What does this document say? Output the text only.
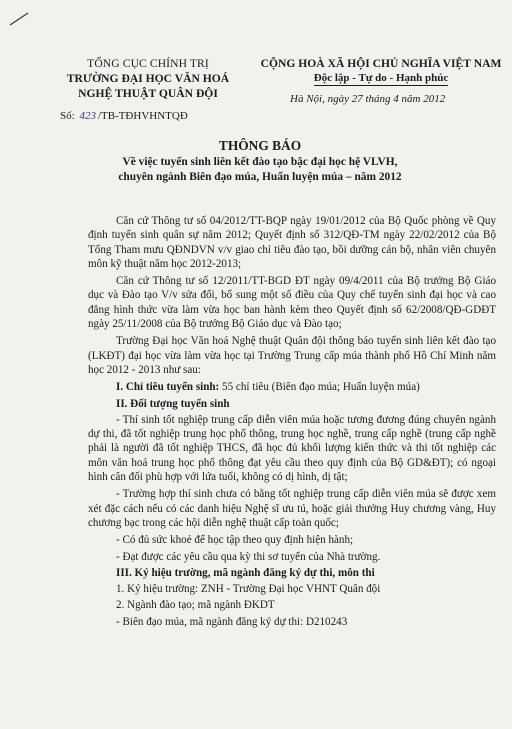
TỔNG CỤC CHÍNH TRỊ
TRƯỜNG ĐẠI HỌC VĂN HOÁ
NGHỆ THUẬT QUÂN ĐỘI
CỘNG HOÀ XÃ HỘI CHỦ NGHĨA VIỆT NAM
Độc lập - Tự do - Hạnh phúc
Hà Nội, ngày 27 tháng 4 năm 2012
Số: 423 /TB-TĐHVHNTQĐ
THÔNG BÁO
Về việc tuyển sinh liên kết đào tạo bậc đại học hệ VLVH,
chuyên ngành Biên đạo múa, Huấn luyện múa – năm 2012

Căn cứ Thông tư số 04/2012/TT-BQP ngày 19/01/2012 của Bộ Quốc phòng về Quy định tuyển sinh quân sự năm 2012; Quyết định số 312/QĐ-TM ngày 22/02/2012 của Bộ Tổng Tham mưu QĐNDVN v/v giao chỉ tiêu đào tạo, bồi dưỡng cán bộ, nhân viên chuyên môn kỹ thuật năm học 2012-2013;

Căn cứ Thông tư số 12/2011/TT-BGD ĐT ngày 09/4/2011 của Bộ trưởng Bộ Giáo dục và Đào tạo V/v sửa đổi, bổ sung một số điều của Quy chế tuyển sinh đại học và cao đẳng hình thức vừa làm vừa học ban hành kèm theo Quyết định số 62/2008/QĐ-GDĐT ngày 25/11/2008 của Bộ trưởng Bộ Giáo dục và Đào tạo;

Trường Đại học Văn hoá Nghệ thuật Quân đội thông báo tuyển sinh liên kết đào tạo (LKĐT) đại học vừa làm vừa học tại Trường Trung cấp múa thành phố Hồ Chí Minh năm học 2012 - 2013 như sau:

I. Chỉ tiêu tuyển sinh: 55 chỉ tiêu (Biên đạo múa; Huấn luyện múa)

II. Đối tượng tuyển sinh

- Thí sinh tốt nghiệp trung cấp diễn viên múa hoặc tương đương đúng chuyên ngành dự thi, đã tốt nghiệp trung học phổ thông, trung học nghề, trung cấp nghề (trung cấp nghề phải là người đã tốt nghiệp THCS, đã học đủ khối lượng kiến thức và thi tốt nghiệp các môn văn hoá trung học phổ thông đạt yêu cầu theo quy định của Bộ GD&ĐT); có ngoại hình cân đối phù hợp với lứa tuổi, không có dị hình, dị tật;

- Trường hợp thí sinh chưa có bằng tốt nghiệp trung cấp diễn viên múa sẽ được xem xét đặc cách nếu có các danh hiệu Nghệ sĩ ưu tú, hoặc giải thưởng Huy chương vàng, Huy chương bạc trong các hội diễn nghệ thuật cấp toàn quốc;

- Có đủ sức khoẻ để học tập theo quy định hiện hành;

- Đạt được các yêu cầu qua kỳ thi sơ tuyển của Nhà trường.

III. Ký hiệu trường, mã ngành đăng ký dự thi, môn thi

1. Ký hiệu trường: ZNH - Trường Đại học VHNT Quân đội

2. Ngành đào tạo; mã ngành ĐKDT

- Biên đạo múa, mã ngành đăng ký dự thi: D210243
